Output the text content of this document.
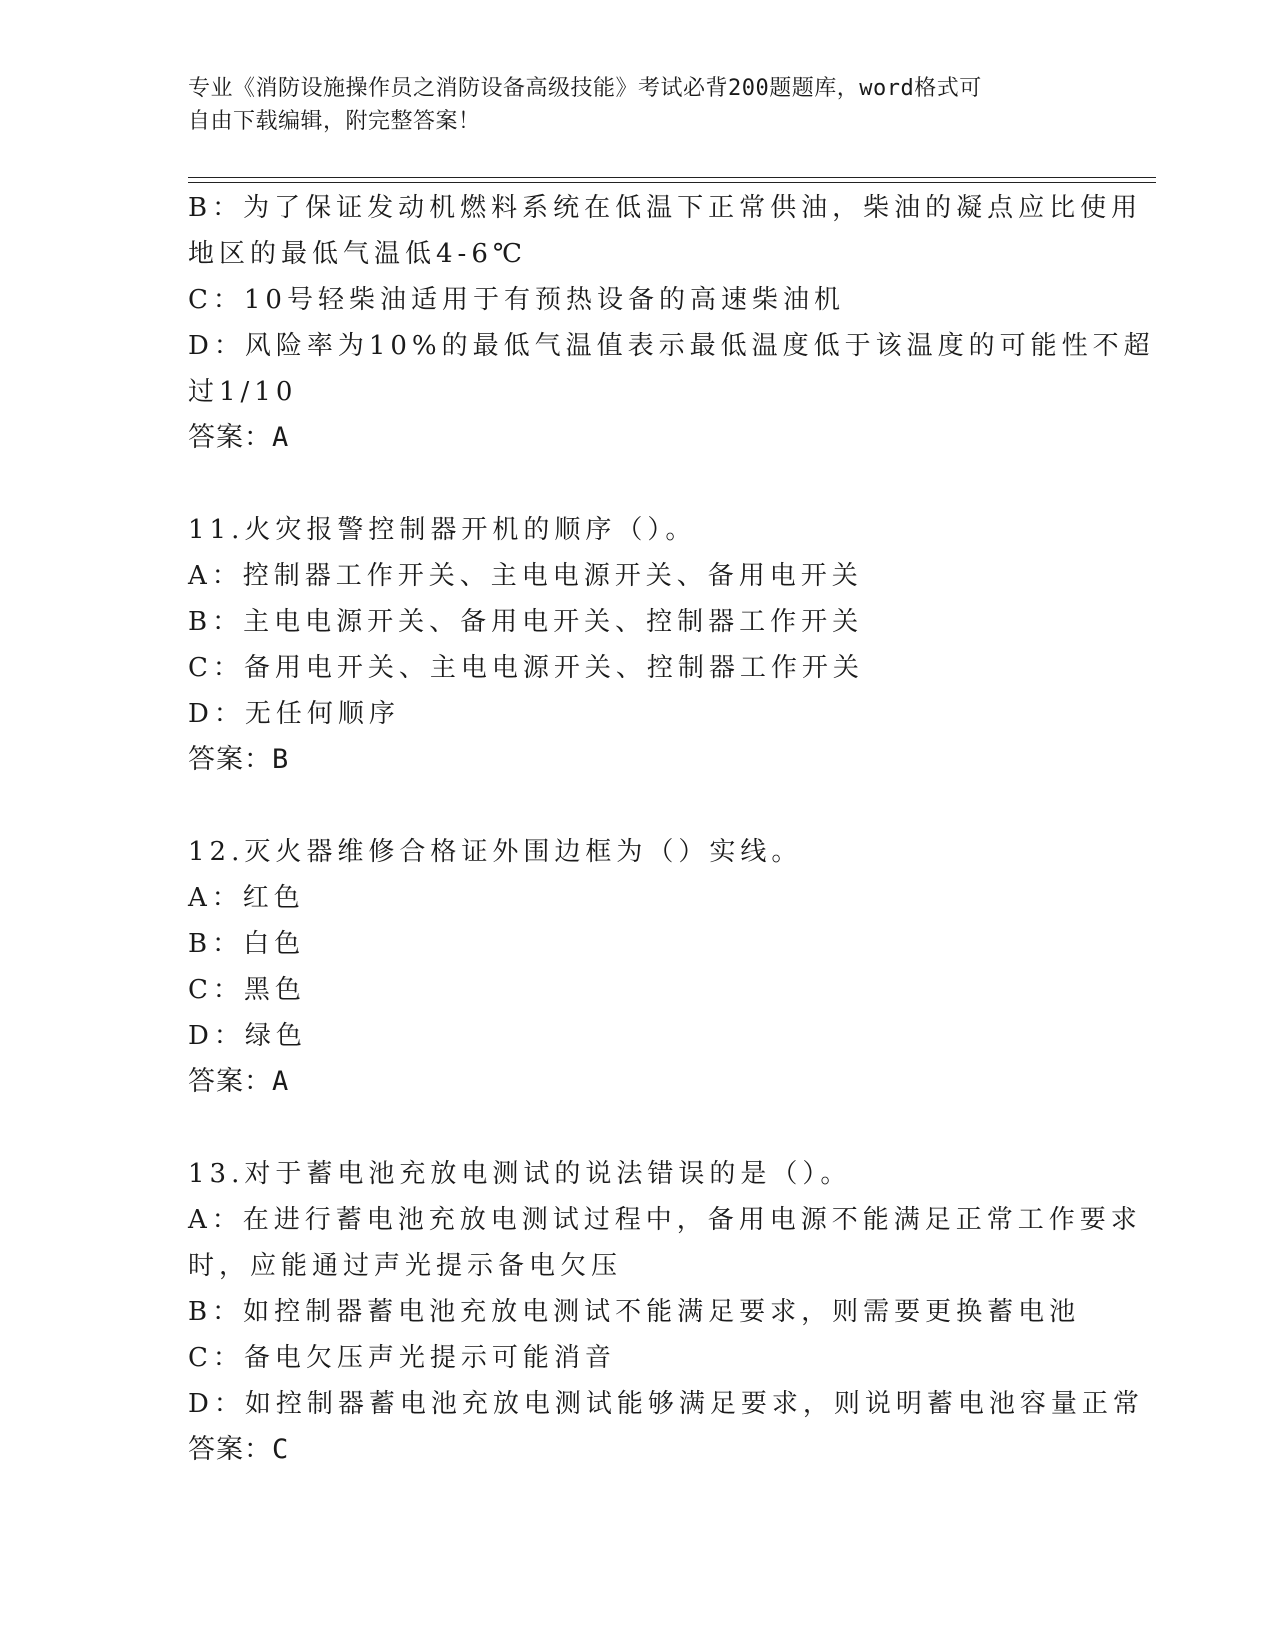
专业《消防设施操作员之消防设备高级技能》考试必背200题题库，word格式可
自由下载编辑，附完整答案！
B：为了保证发动机燃料系统在低温下正常供油，柴油的凝点应比使用
地区的最低气温低4-6℃
C：10号轻柴油适用于有预热设备的高速柴油机
D：风险率为10%的最低气温值表示最低温度低于该温度的可能性不超
过1/10
答案：A
11.火灾报警控制器开机的顺序（）。
A：控制器工作开关、主电电源开关、备用电开关
B：主电电源开关、备用电开关、控制器工作开关
C：备用电开关、主电电源开关、控制器工作开关
D：无任何顺序
答案：B
12.灭火器维修合格证外围边框为（）实线。
A：红色
B：白色
C：黑色
D：绿色
答案：A
13.对于蓄电池充放电测试的说法错误的是（）。
A：在进行蓄电池充放电测试过程中，备用电源不能满足正常工作要求
时，应能通过声光提示备电欠压
B：如控制器蓄电池充放电测试不能满足要求，则需要更换蓄电池
C：备电欠压声光提示可能消音
D：如控制器蓄电池充放电测试能够满足要求，则说明蓄电池容量正常
答案：C
